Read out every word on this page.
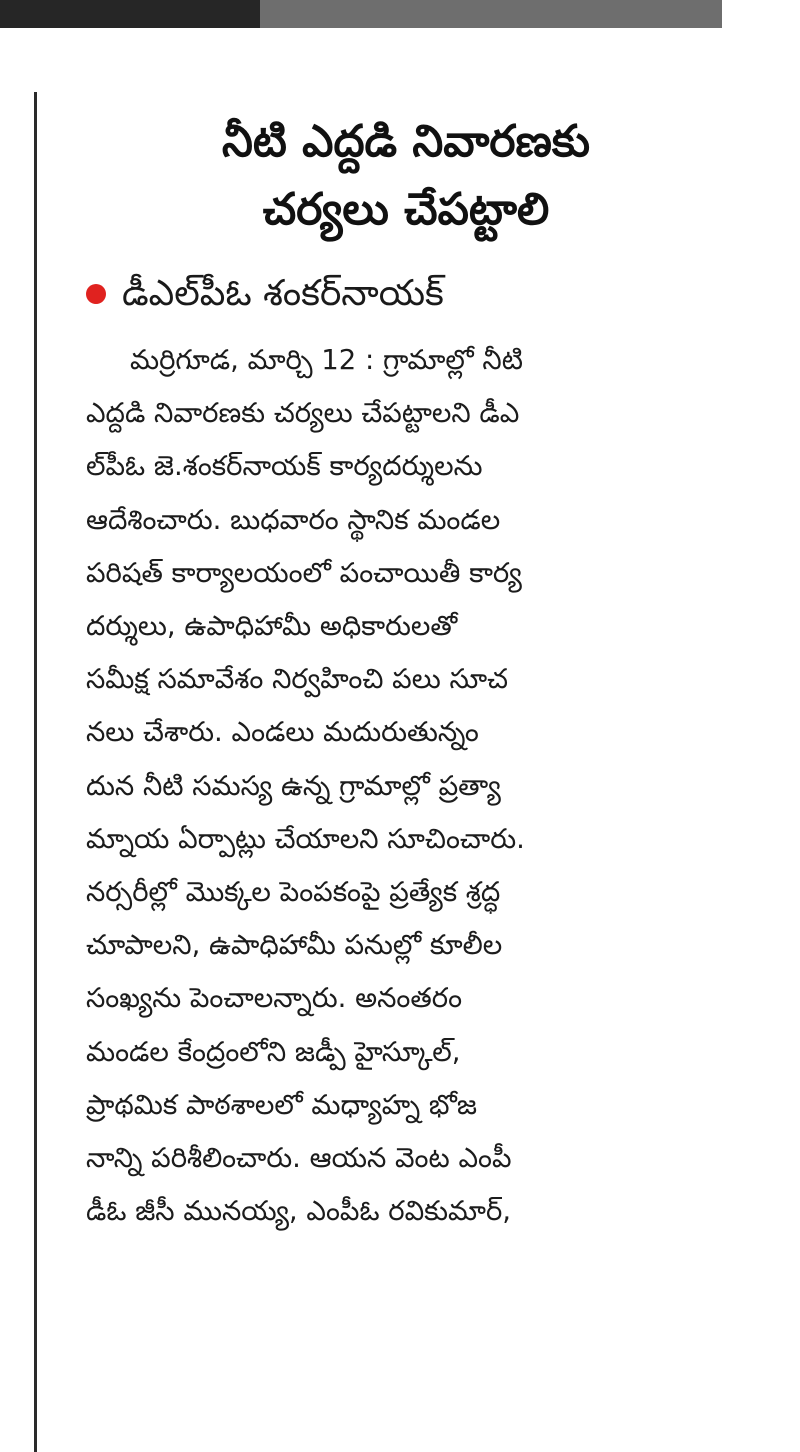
నీటి ఎద్దడి నివారణకు
చర్యలు చేపట్టాలి
డీఎల్‌పీఓ శంకర్‌నాయక్
మర్రిగూడ, మార్చి 12 : గ్రామాల్లో నీటి
ఎద్దడి నివారణకు చర్యలు చేపట్టాలని డీఎ
ల్‌పీఓ జె.శంకర్‌నాయక్ కార్యదర్శులను
ఆదేశించారు. బుధవారం స్థానిక మండల
పరిషత్ కార్యాలయంలో పంచాయితీ కార్య
దర్శులు, ఉపాధిహామీ అధికారులతో
సమీక్ష సమావేశం నిర్వహించి పలు సూచ
నలు చేశారు. ఎండలు మదురుతున్నం
దున నీటి సమస్య ఉన్న గ్రామాల్లో ప్రత్యా
మ్నాయ ఏర్పాట్లు చేయాలని సూచించారు.
నర్సరీల్లో మొక్కల పెంపకంపై ప్రత్యేక శ్రద్ధ
చూపాలని, ఉపాధిహామీ పనుల్లో కూలీల
సంఖ్యను పెంచాలన్నారు. అనంతరం
మండల కేంద్రంలోని జడ్పీ హైస్కూల్,
ప్రాథమిక పాఠశాలలో మధ్యాహ్న భోజ
నాన్ని పరిశీలించారు. ఆయన వెంట ఎంపీ
డీఓ జీసీ మునయ్య, ఎంపీఓ రవికుమార్,
